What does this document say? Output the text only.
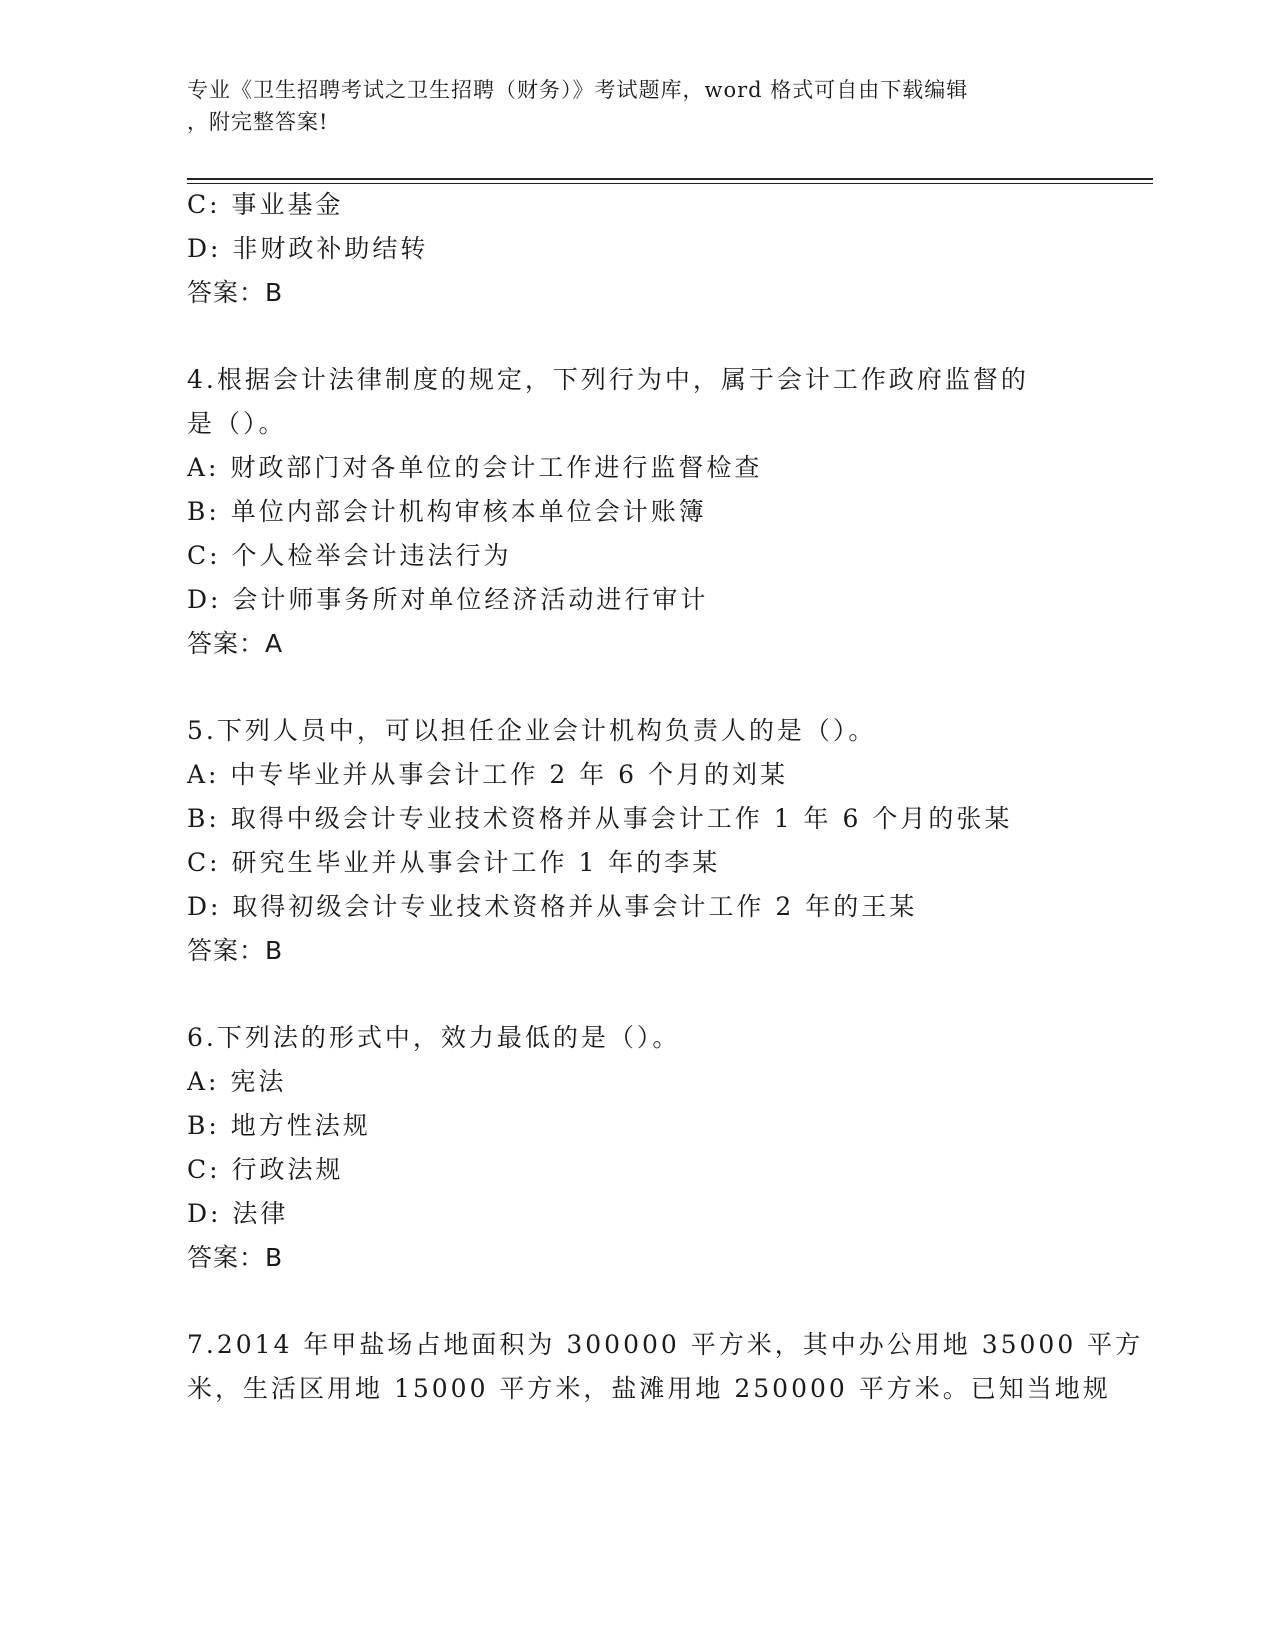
专业《卫生招聘考试之卫生招聘（财务）》考试题库，word 格式可自由下载编辑
，附完整答案!
C: 事业基金
D: 非财政补助结转
答案：B
4.根据会计法律制度的规定，下列行为中，属于会计工作政府监督的
是（）。
A: 财政部门对各单位的会计工作进行监督检查
B: 单位内部会计机构审核本单位会计账簿
C: 个人检举会计违法行为
D: 会计师事务所对单位经济活动进行审计
答案：A
5.下列人员中，可以担任企业会计机构负责人的是（）。
A: 中专毕业并从事会计工作 2 年 6 个月的刘某
B: 取得中级会计专业技术资格并从事会计工作 1 年 6 个月的张某
C: 研究生毕业并从事会计工作 1 年的李某
D: 取得初级会计专业技术资格并从事会计工作 2 年的王某
答案：B
6.下列法的形式中，效力最低的是（）。
A: 宪法
B: 地方性法规
C: 行政法规
D: 法律
答案：B
7.2014 年甲盐场占地面积为 300000 平方米，其中办公用地 35000 平方
米，生活区用地 15000 平方米，盐滩用地 250000 平方米。已知当地规
